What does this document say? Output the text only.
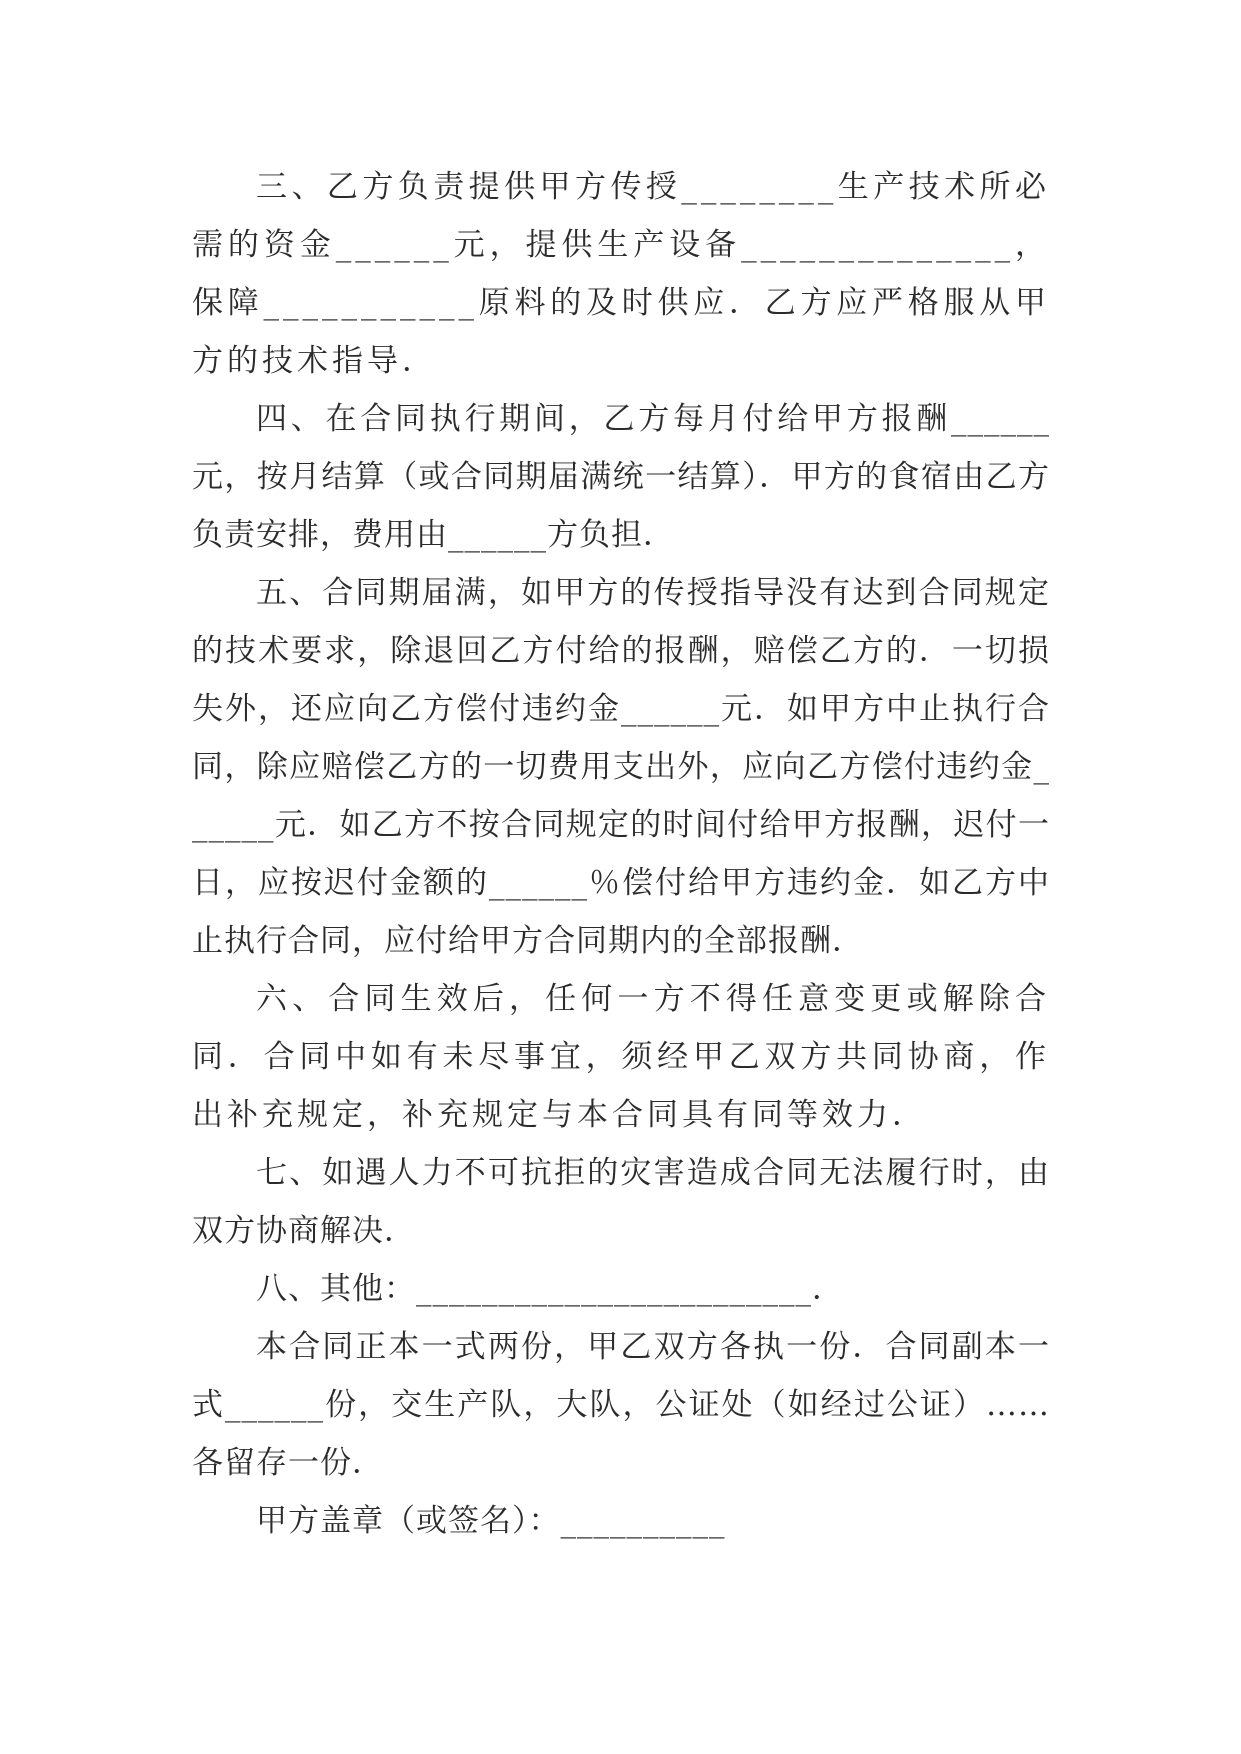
三、乙方负责提供甲方传授________生产技术所必需的资金______元，提供生产设备______________，保障___________原料的及时供应．乙方应严格服从甲方的技术指导．

四、在合同执行期间，乙方每月付给甲方报酬______元，按月结算（或合同期届满统一结算）．甲方的食宿由乙方负责安排，费用由______方负担．

五、合同期届满，如甲方的传授指导没有达到合同规定的技术要求，除退回乙方付给的报酬，赔偿乙方的．一切损失外，还应向乙方偿付违约金______元．如甲方中止执行合同，除应赔偿乙方的一切费用支出外，应向乙方偿付违约金______元．如乙方不按合同规定的时间付给甲方报酬，迟付一日，应按迟付金额的______％偿付给甲方违约金．如乙方中止执行合同，应付给甲方合同期内的全部报酬．

六、合同生效后，任何一方不得任意变更或解除合同．合同中如有未尽事宜，须经甲乙双方共同协商，作出补充规定，补充规定与本合同具有同等效力．

七、如遇人力不可抗拒的灾害造成合同无法履行时，由双方协商解决．

八、其他：________________________．

本合同正本一式两份，甲乙双方各执一份．合同副本一式______份，交生产队，大队，公证处（如经过公证）……各留存一份．

甲方盖章（或签名）：__________
